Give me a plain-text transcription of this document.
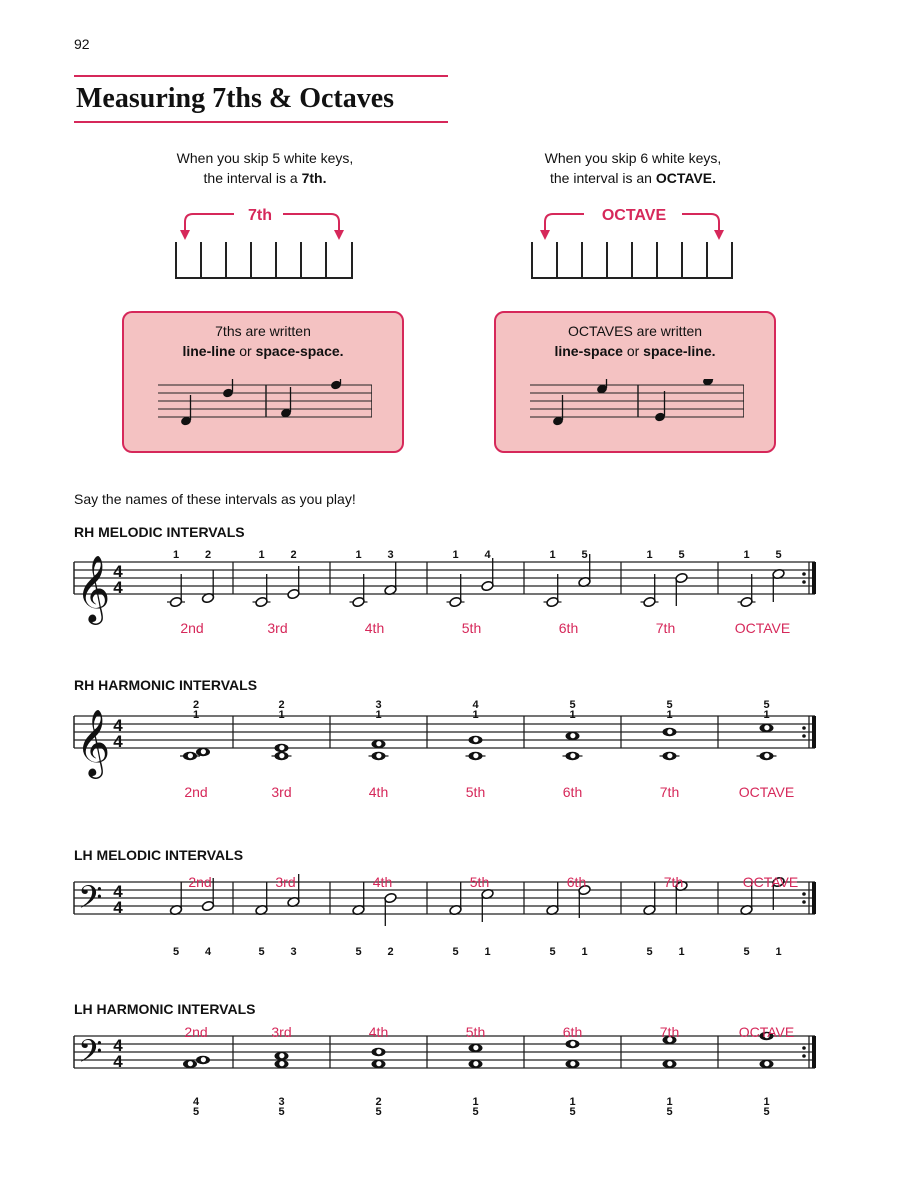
92
Measuring 7ths & Octaves
When you skip 5 white keys,
the interval is a 7th.
When you skip 6 white keys,
the interval is an OCTAVE.
7th	OCTAVE
7ths are written
line-line or space-space.
OCTAVES are written
line-space or space-line.
Say the names of these intervals as you play!
RH MELODIC INTERVALS
RH HARMONIC INTERVALS
LH MELODIC INTERVALS
LH HARMONIC INTERVALS
𝄞 4
4
𝄞 4
4
𝄢 4
4
𝄢 4
4
1	2
2nd
1	2
3rd
1	3
4th
1	4
5th
1	5
6th
1	5
7th
1	5
OCTAVE
2
1
2nd
2
1
3rd
3
1
4th
4
1
5th
5
1
6th
5
1
7th
5
1
OCTAVE
2nd
5	4
3rd
5	3
4th
5	2
5th
5	1
6th
5	1
7th
5	1
OCTAVE
5	1
2nd
4
5
3rd
3
5
4th
2
5
5th
1
5
6th
1
5
7th
1
5
OCTAVE
1
5
